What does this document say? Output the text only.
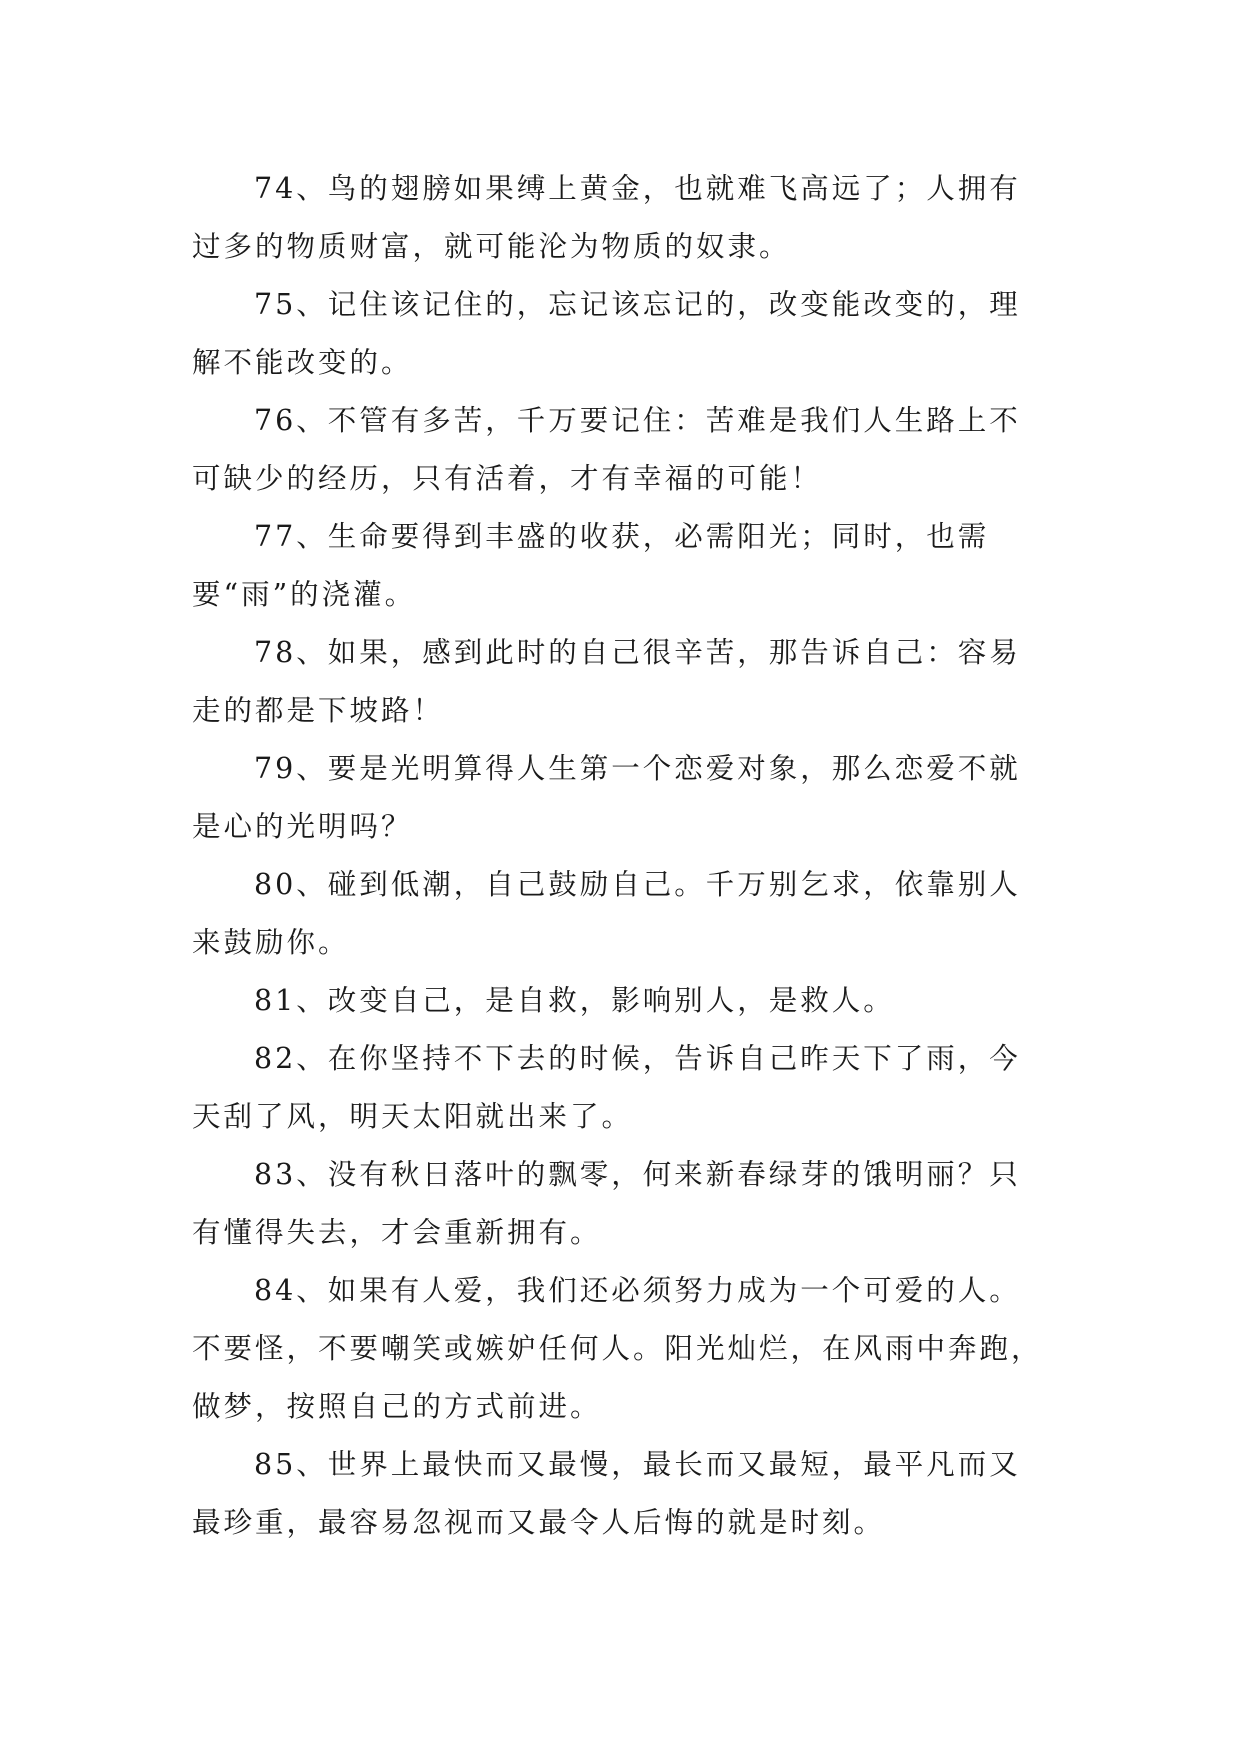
74、鸟的翅膀如果缚上黄金，也就难飞高远了；人拥有过多的物质财富，就可能沦为物质的奴隶。

75、记住该记住的，忘记该忘记的，改变能改变的，理解不能改变的。

76、不管有多苦，千万要记住：苦难是我们人生路上不可缺少的经历，只有活着，才有幸福的可能！

77、生命要得到丰盛的收获，必需阳光；同时，也需要“雨”的浇灌。

78、如果，感到此时的自己很辛苦，那告诉自己：容易走的都是下坡路！

79、要是光明算得人生第一个恋爱对象，那么恋爱不就是心的光明吗？

80、碰到低潮，自己鼓励自己。千万别乞求，依靠别人来鼓励你。

81、改变自己，是自救，影响别人，是救人。

82、在你坚持不下去的时候，告诉自己昨天下了雨，今天刮了风，明天太阳就出来了。

83、没有秋日落叶的飘零，何来新春绿芽的饿明丽？只有懂得失去，才会重新拥有。

84、如果有人爱，我们还必须努力成为一个可爱的人。不要怪，不要嘲笑或嫉妒任何人。阳光灿烂，在风雨中奔跑，做梦，按照自己的方式前进。

85、世界上最快而又最慢，最长而又最短，最平凡而又最珍重，最容易忽视而又最令人后悔的就是时刻。
